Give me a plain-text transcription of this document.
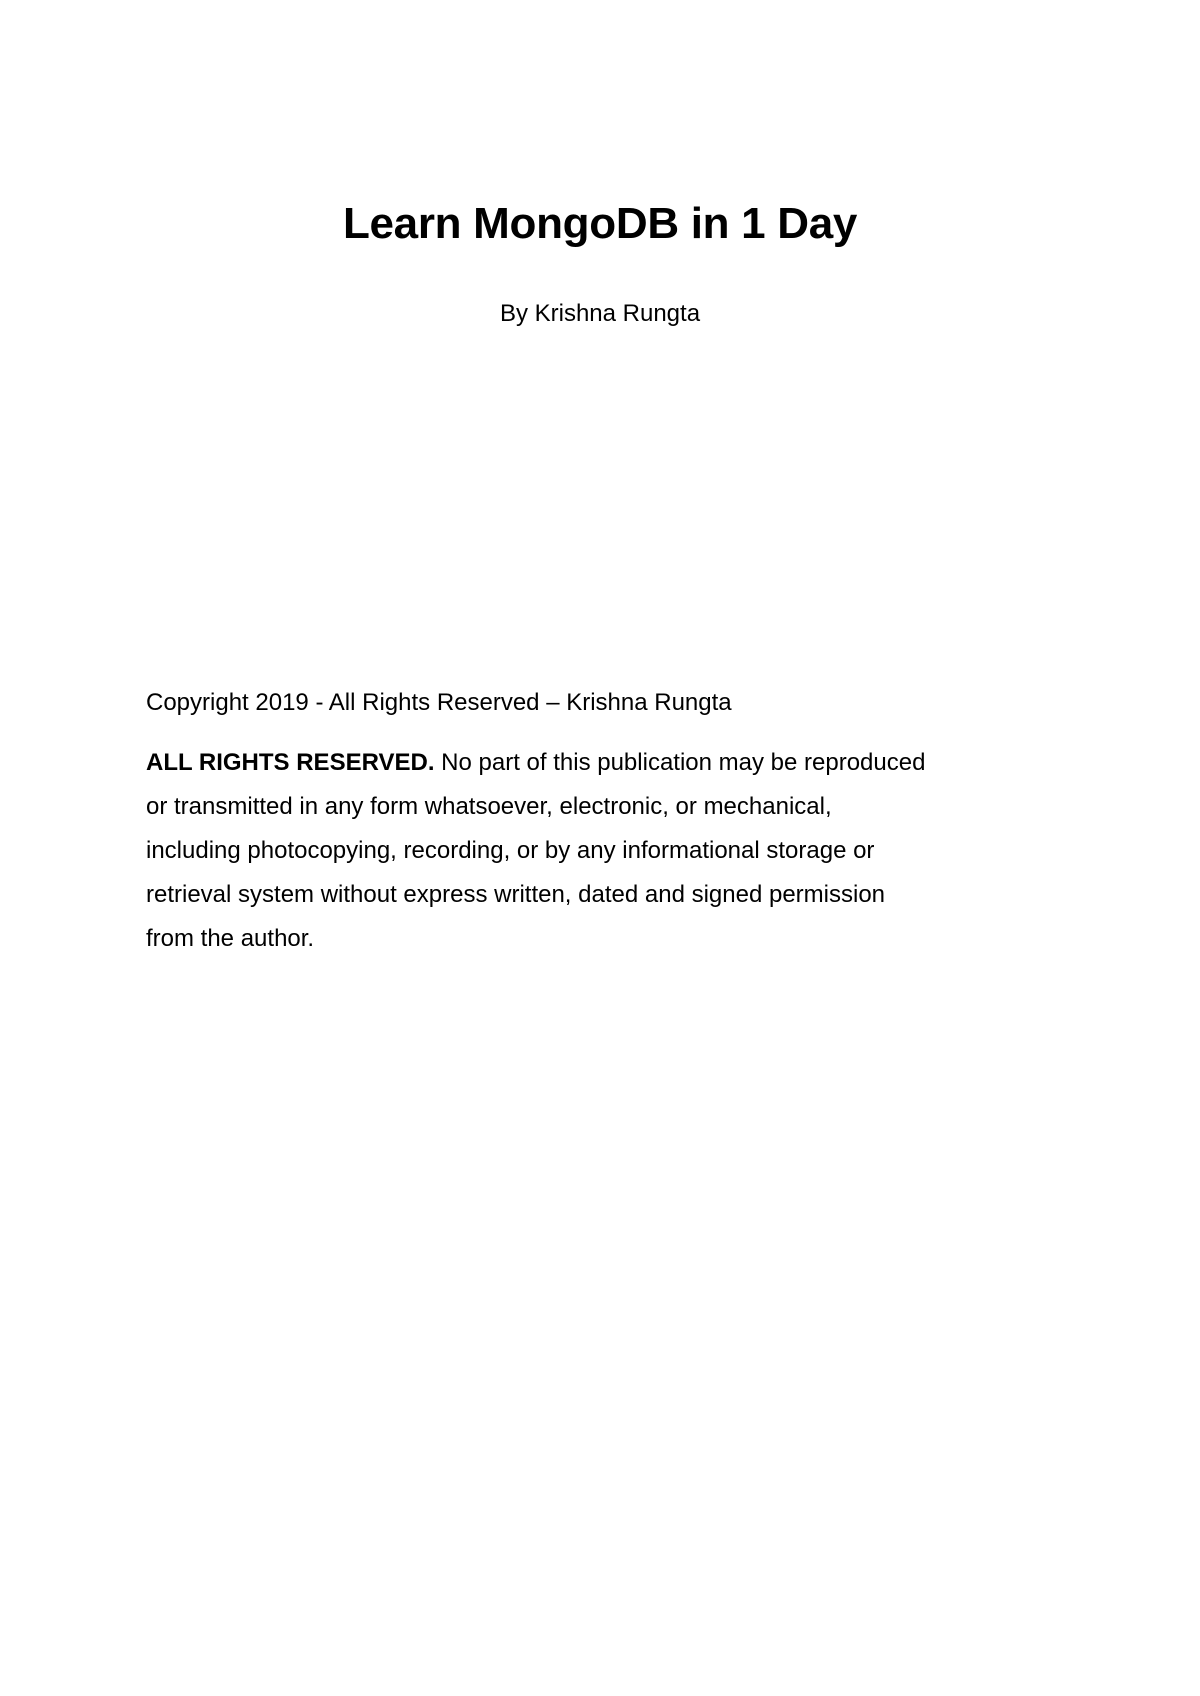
Learn MongoDB in 1 Day
By Krishna Rungta
Copyright 2019 - All Rights Reserved – Krishna Rungta
ALL RIGHTS RESERVED. No part of this publication may be reproduced
or transmitted in any form whatsoever, electronic, or mechanical,
including photocopying, recording, or by any informational storage or
retrieval system without express written, dated and signed permission
from the author.
